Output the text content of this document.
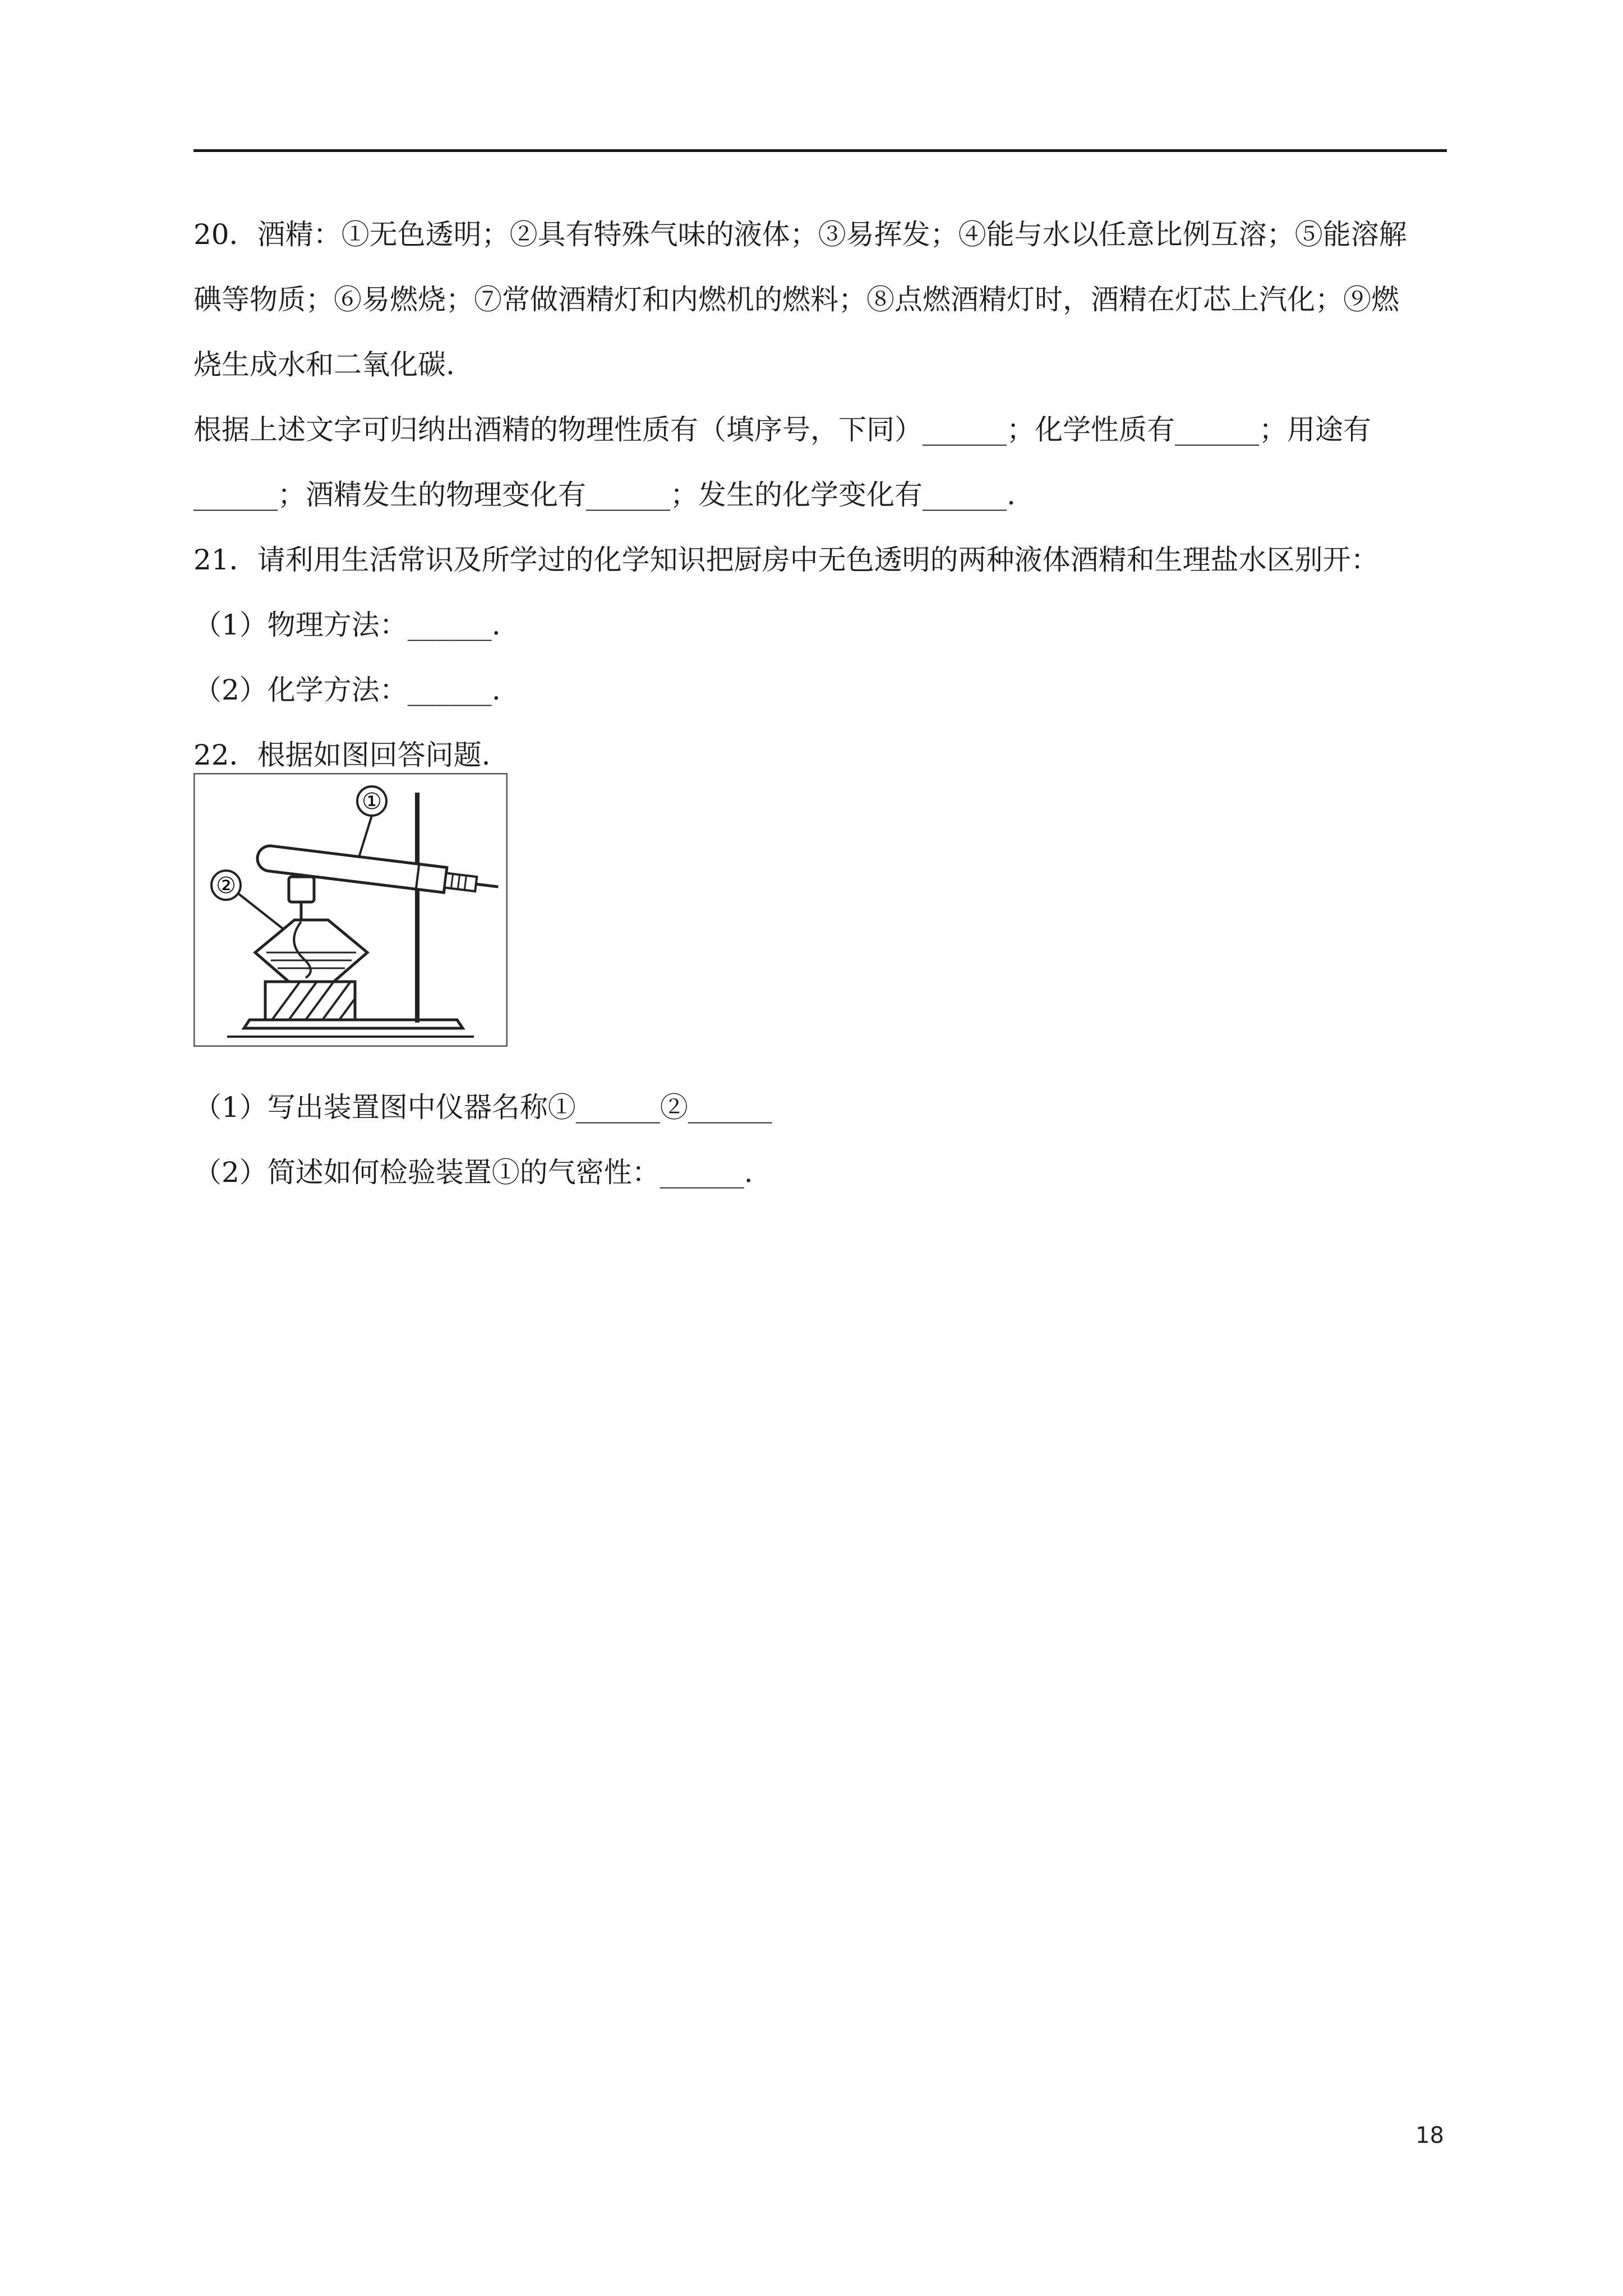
20．酒精：①无色透明；②具有特殊气味的液体；③易挥发；④能与水以任意比例互溶；⑤能溶解

碘等物质；⑥易燃烧；⑦常做酒精灯和内燃机的燃料；⑧点燃酒精灯时，酒精在灯芯上汽化；⑨燃

烧生成水和二氧化碳.

根据上述文字可归纳出酒精的物理性质有（填序号，下同）______；化学性质有______；用途有

______；酒精发生的物理变化有______；发生的化学变化有______.

21．请利用生活常识及所学过的化学知识把厨房中无色透明的两种液体酒精和生理盐水区别开：

（1）物理方法：______.

（2）化学方法：______.

22．根据如图回答问题.

①
②

（1）写出装置图中仪器名称①______②______

（2）简述如何检验装置①的气密性：______.

18
